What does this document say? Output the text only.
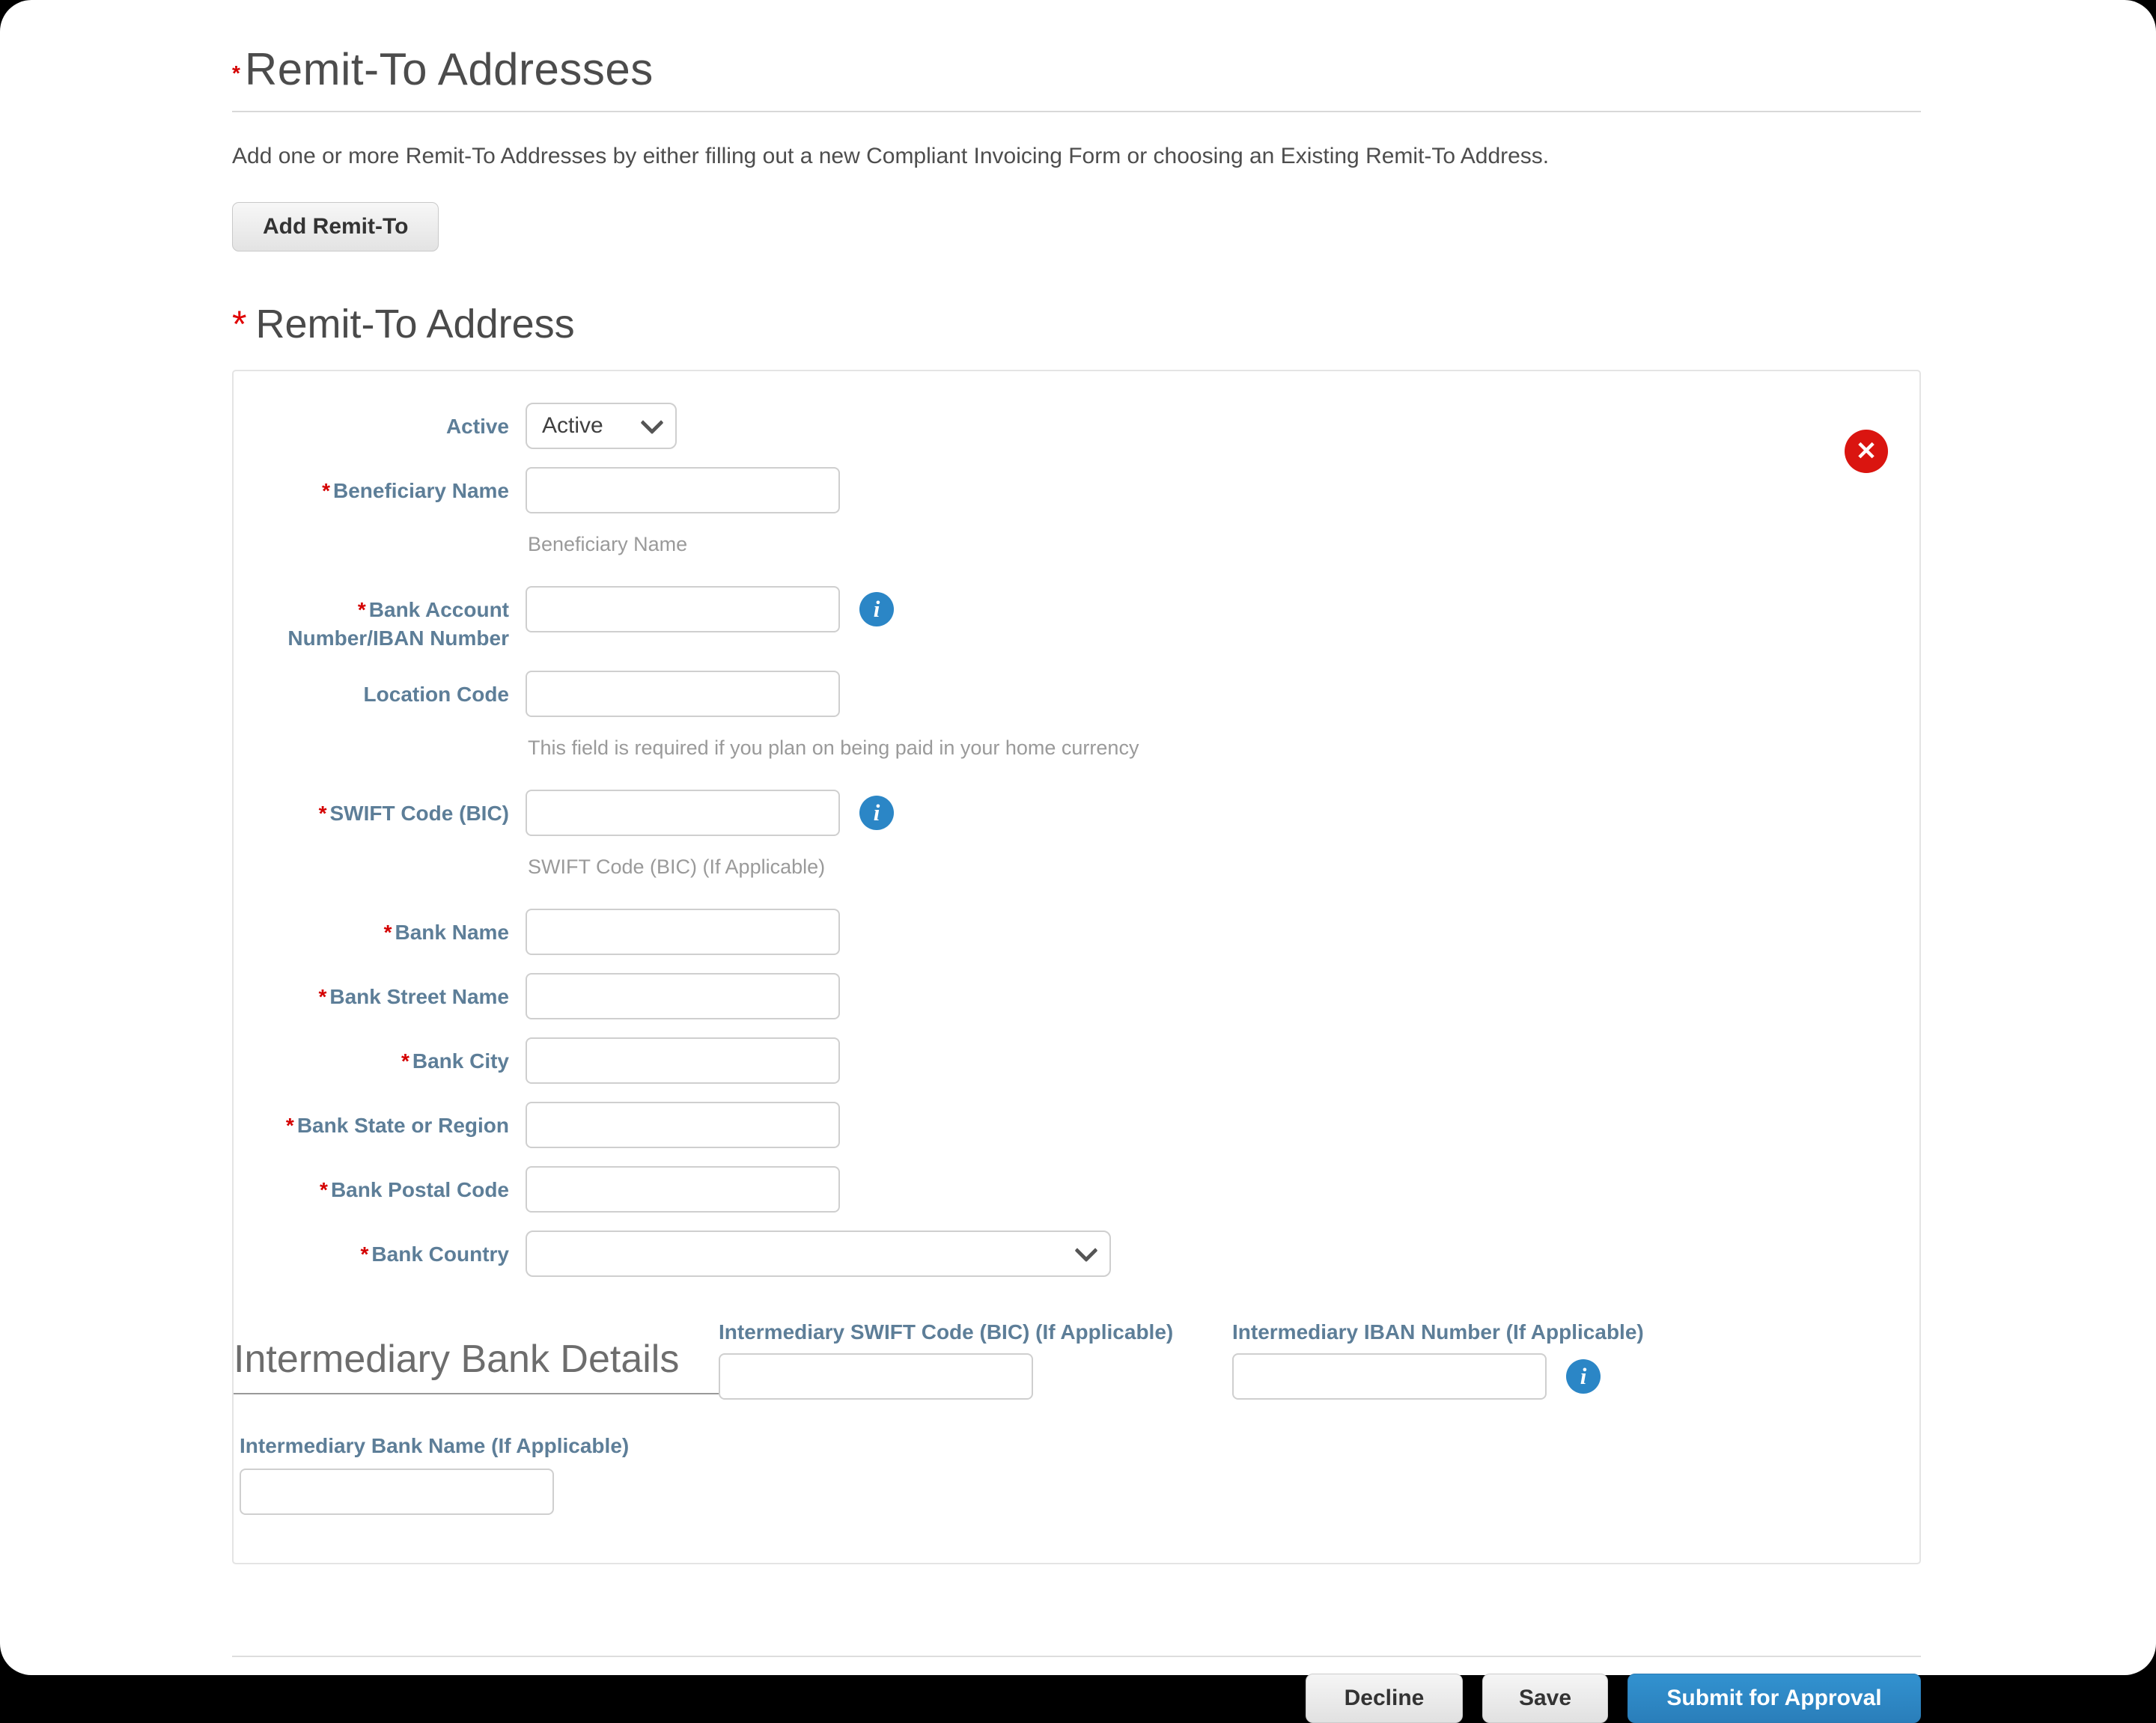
* Remit-To Addresses

Add one or more Remit-To Addresses by either filling out a new Compliant Invoicing Form or choosing an Existing Remit-To Address.

Add Remit-To
* Remit-To Address
✕
Active	Active
* Beneficiary Name
Beneficiary Name
* Bank Account Number/IBAN Number
i
Location Code
This field is required if you plan on being paid in your home currency
* SWIFT Code (BIC)	i
SWIFT Code (BIC) (If Applicable)
* Bank Name
* Bank Street Name
* Bank City
* Bank State or Region
* Bank Postal Code
* Bank Country
Intermediary Bank Details
Intermediary SWIFT Code (BIC) (If Applicable)	Intermediary IBAN Number (If Applicable)
i
Intermediary Bank Name (If Applicable)
Decline	Save	Submit for Approval
